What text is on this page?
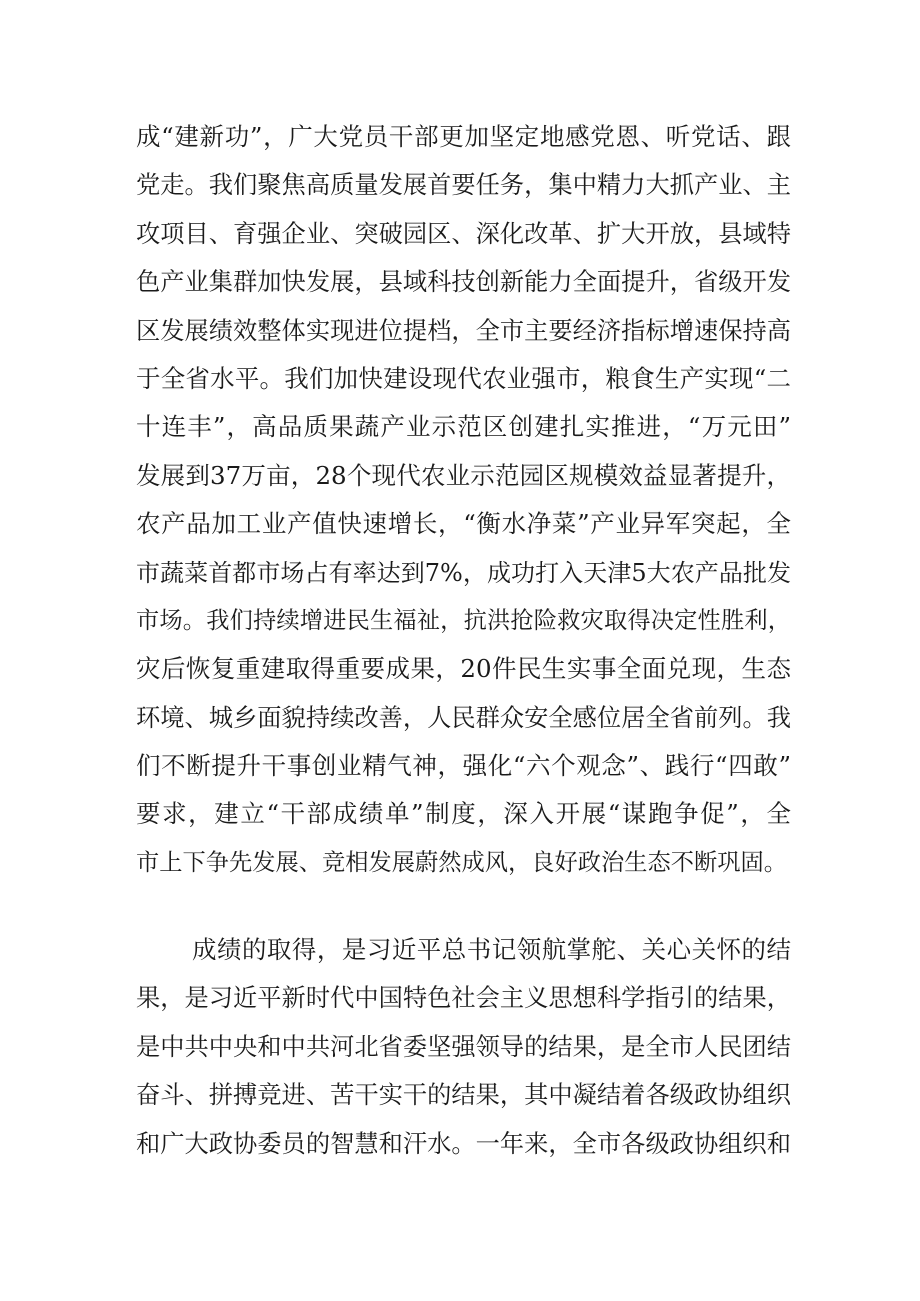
成“建新功”，广大党员干部更加坚定地感党恩、听党话、跟
党走。我们聚焦高质量发展首要任务，集中精力大抓产业、主
攻项目、育强企业、突破园区、深化改革、扩大开放，县域特
色产业集群加快发展，县域科技创新能力全面提升，省级开发
区发展绩效整体实现进位提档，全市主要经济指标增速保持高
于全省水平。我们加快建设现代农业强市，粮食生产实现“二
十连丰”，高品质果蔬产业示范区创建扎实推进，“万元田”
发展到37万亩，28个现代农业示范园区规模效益显著提升，
农产品加工业产值快速增长，“衡水净菜”产业异军突起，全
市蔬菜首都市场占有率达到7%，成功打入天津5大农产品批发
市场。我们持续增进民生福祉，抗洪抢险救灾取得决定性胜利，
灾后恢复重建取得重要成果，20件民生实事全面兑现，生态
环境、城乡面貌持续改善，人民群众安全感位居全省前列。我
们不断提升干事创业精气神，强化“六个观念”、践行“四敢”
要求，建立“干部成绩单”制度，深入开展“谋跑争促”，全
市上下争先发展、竞相发展蔚然成风，良好政治生态不断巩固。
成绩的取得，是习近平总书记领航掌舵、关心关怀的结
果，是习近平新时代中国特色社会主义思想科学指引的结果，
是中共中央和中共河北省委坚强领导的结果，是全市人民团结
奋斗、拼搏竞进、苦干实干的结果，其中凝结着各级政协组织
和广大政协委员的智慧和汗水。一年来，全市各级政协组织和
